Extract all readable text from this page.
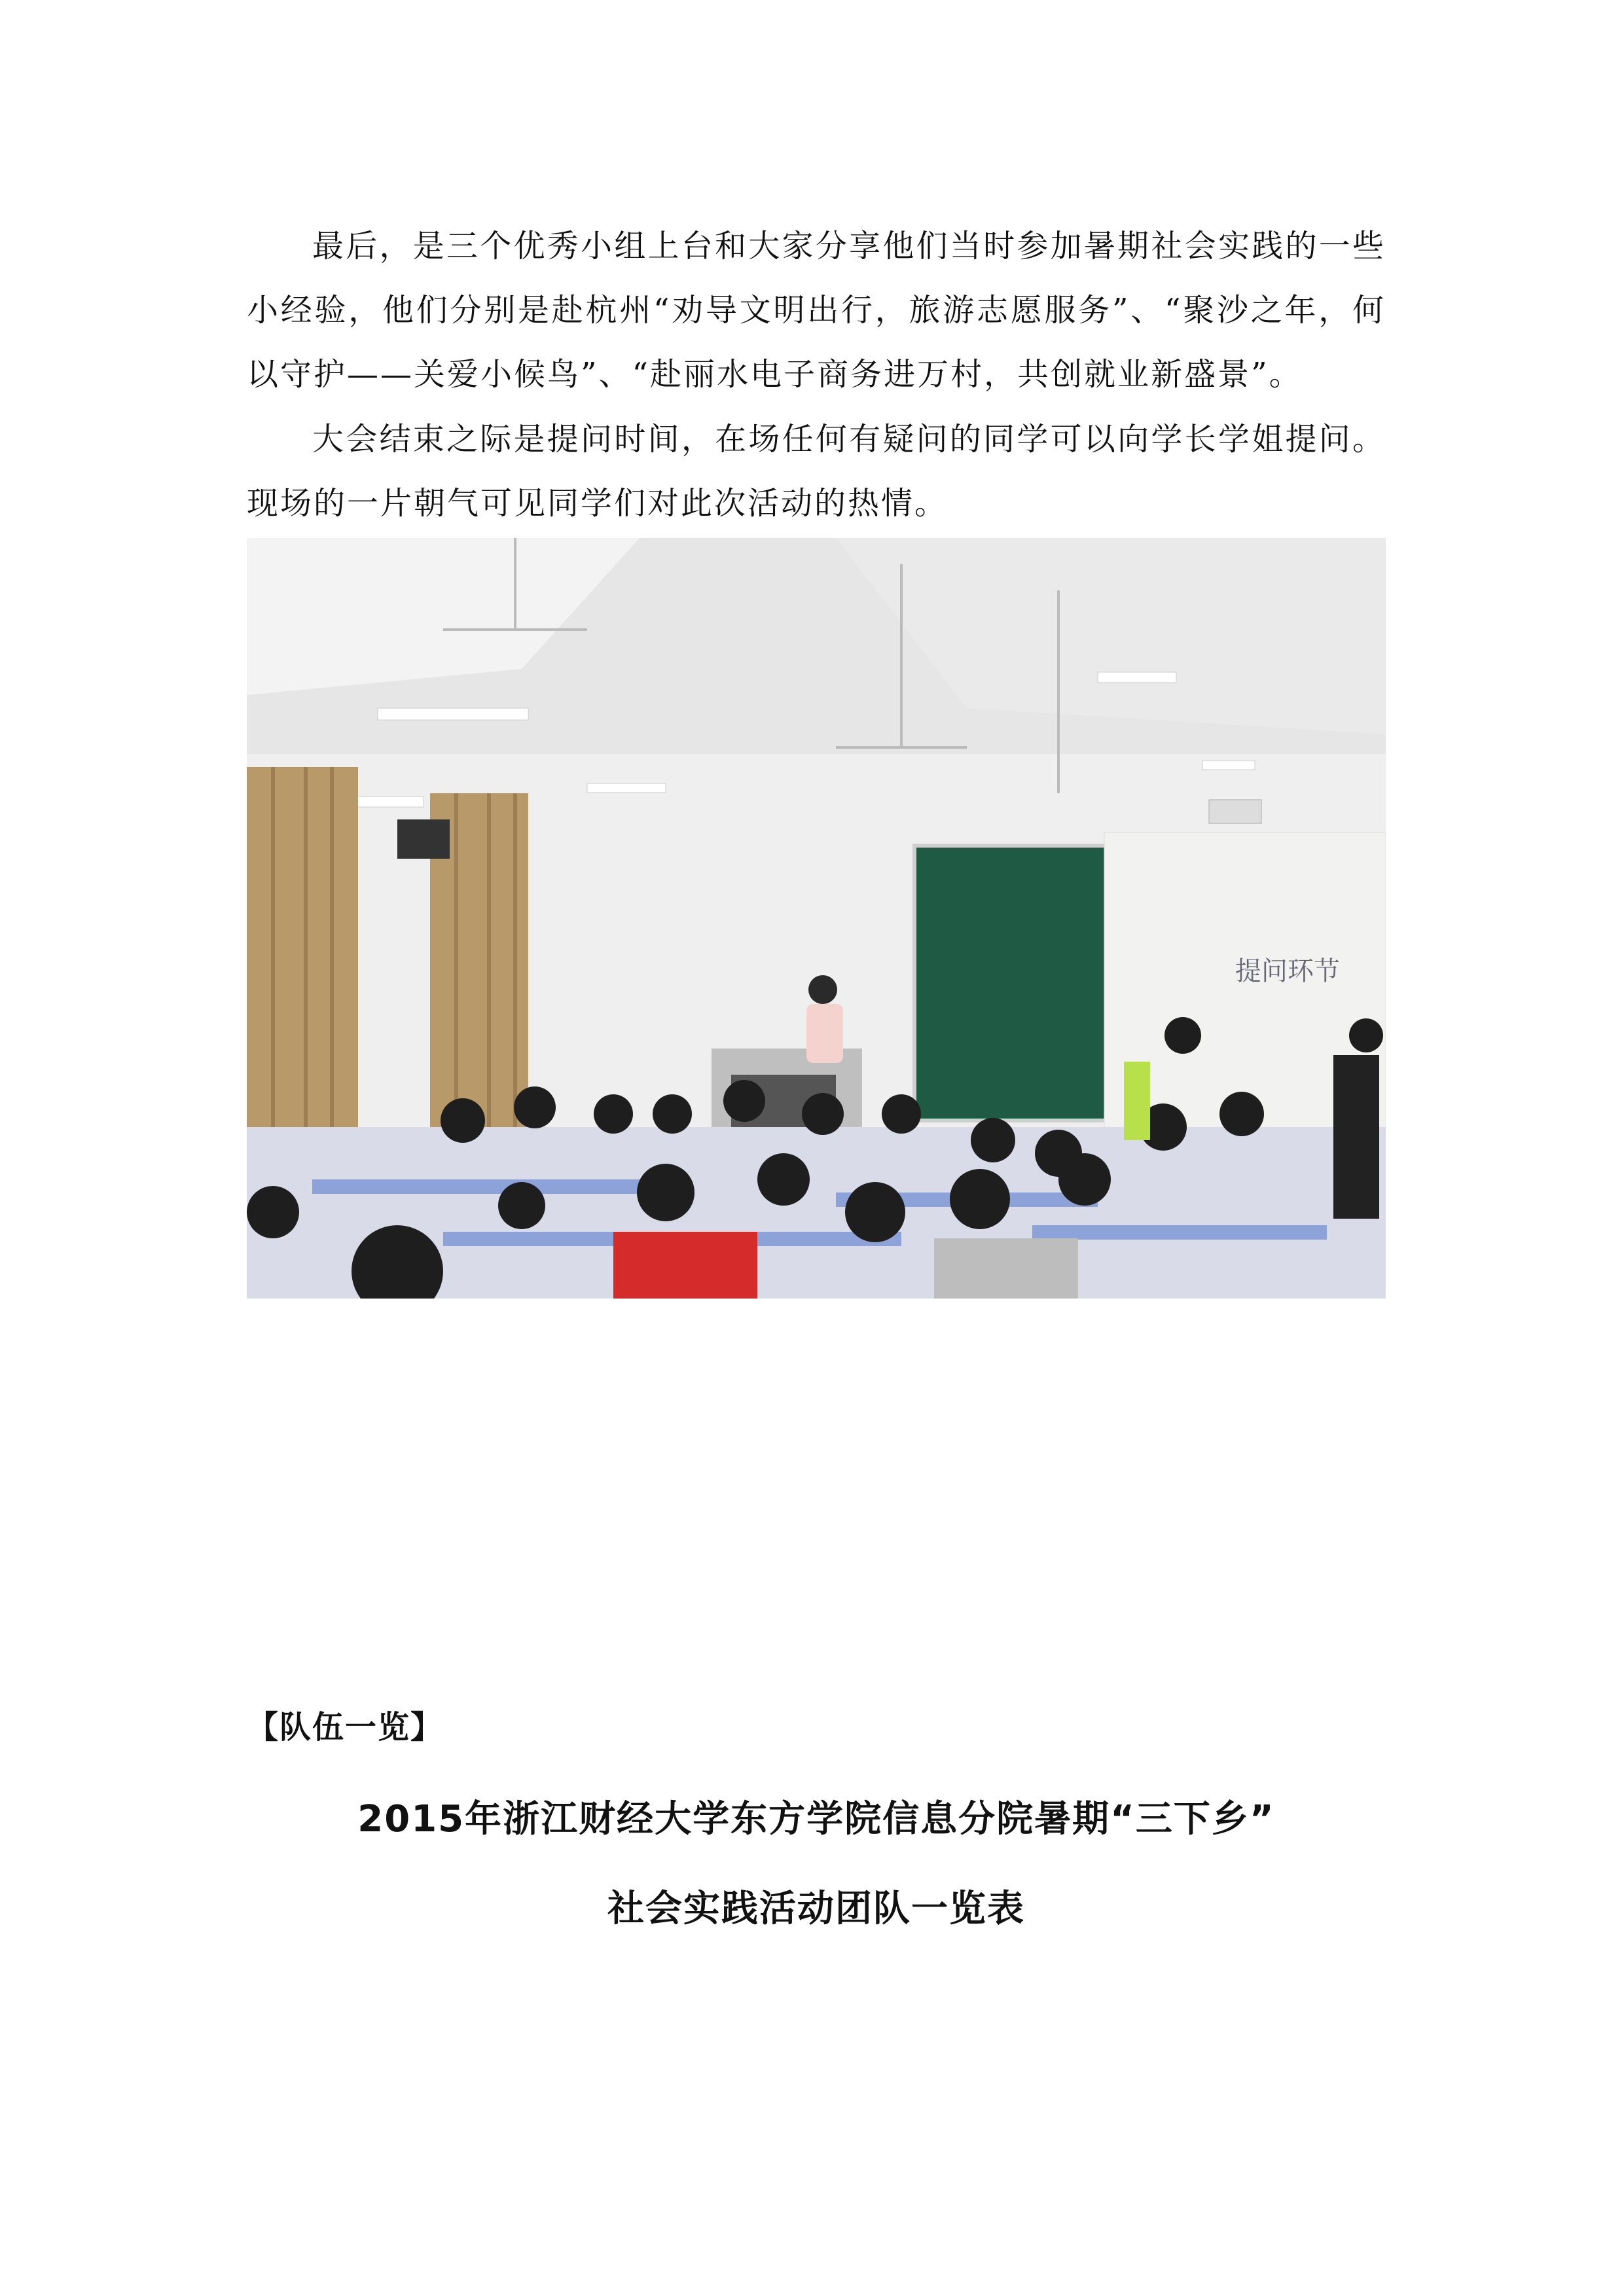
最后，是三个优秀小组上台和大家分享他们当时参加暑期社会实践的一些小经验，他们分别是赴杭州“劝导文明出行，旅游志愿服务”、“聚沙之年，何以守护——关爱小候鸟”、“赴丽水电子商务进万村，共创就业新盛景”。

大会结束之际是提问时间，在场任何有疑问的同学可以向学长学姐提问。现场的一片朝气可见同学们对此次活动的热情。

提问环节

【队伍一览】

2015年浙江财经大学东方学院信息分院暑期“三下乡”

社会实践活动团队一览表
